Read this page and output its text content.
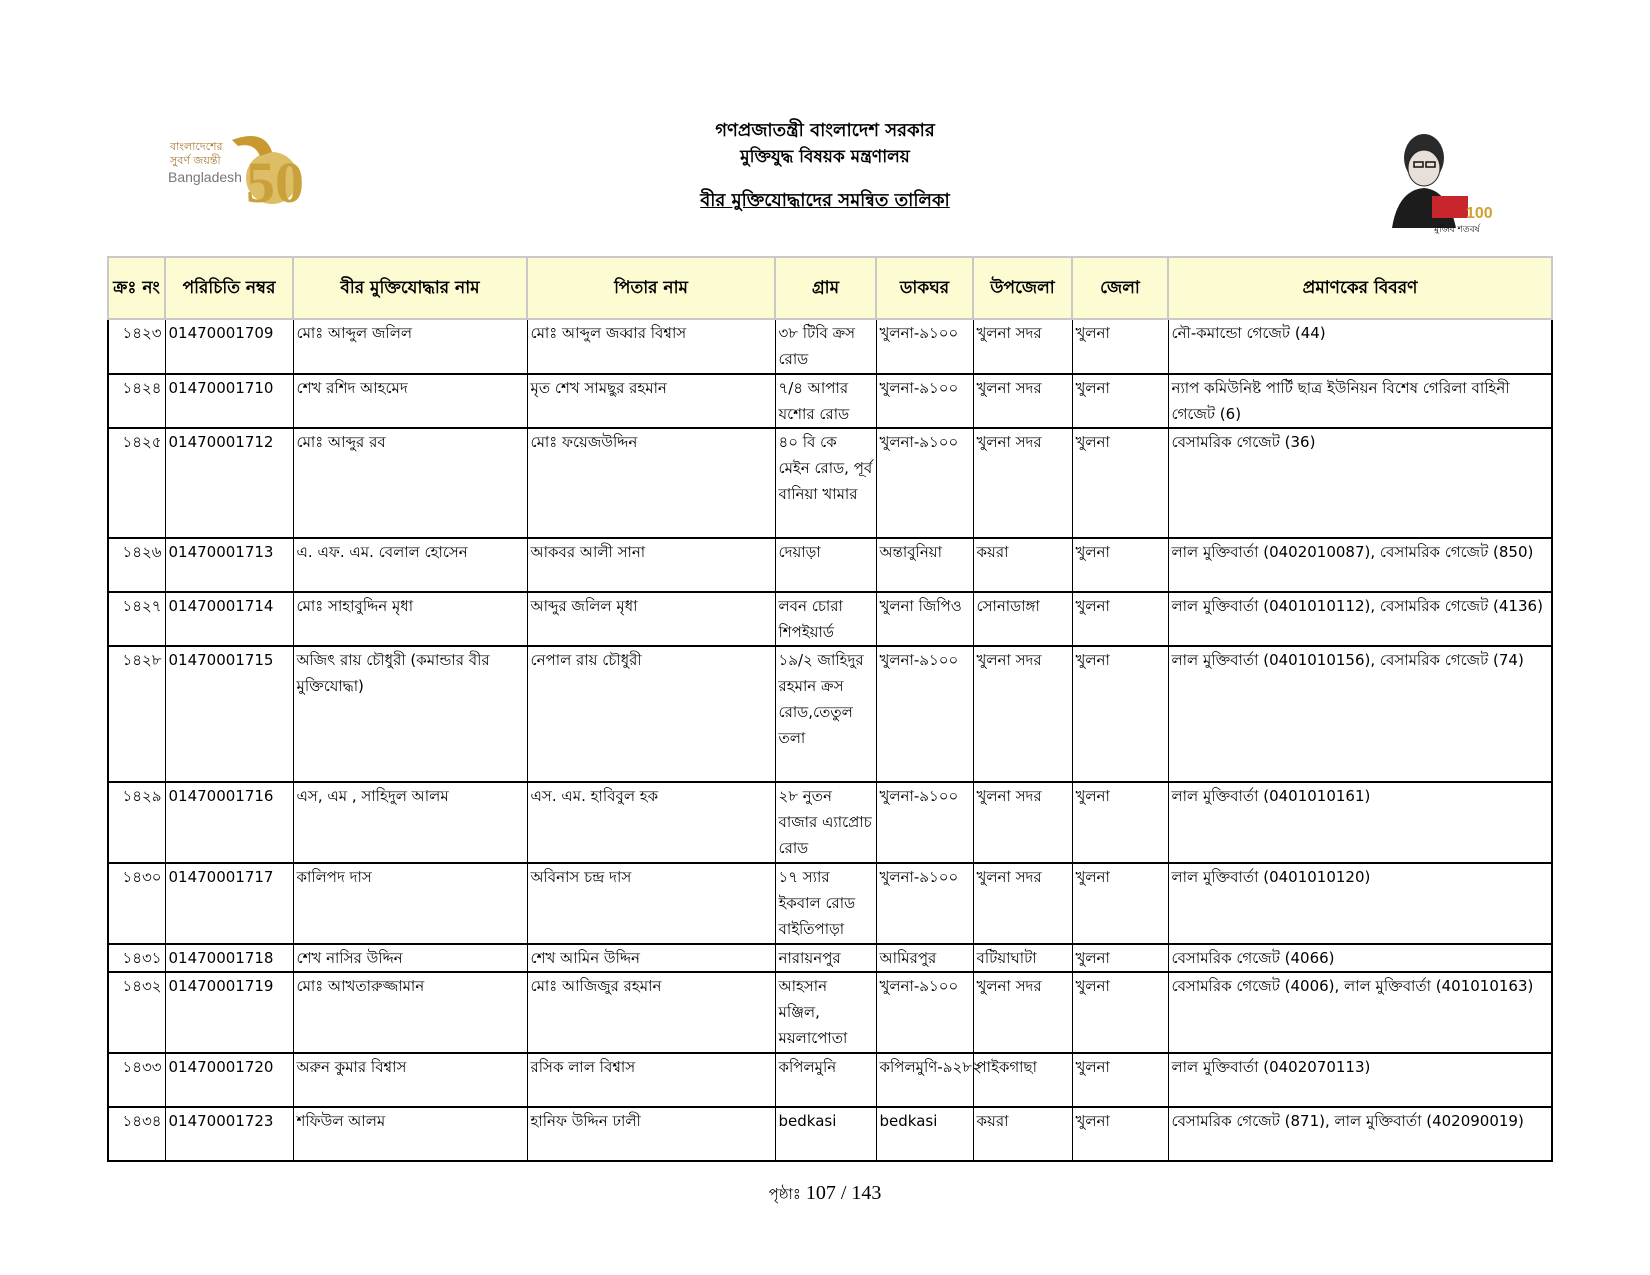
50
বাংলাদেশের
সুবর্ণ জয়ন্তী
Bangladesh
মুজিব শতবর্ষ
100
গণপ্রজাতন্ত্রী বাংলাদেশ সরকার
মুক্তিযুদ্ধ বিষয়ক মন্ত্রণালয়
বীর মুক্তিযোদ্ধাদের সমন্বিত তালিকা
ক্রঃ নং	পরিচিতি নম্বর	বীর মুক্তিযোদ্ধার নাম	পিতার নাম	গ্রাম	ডাকঘর	উপজেলা	জেলা	প্রমাণকের বিবরণ
১৪২৩	01470001709	মোঃ আব্দুল জলিল	মোঃ আব্দুল জব্বার বিশ্বাস	৩৮ টিবি ক্রস রোড	খুলনা-৯১০০	খুলনা সদর	খুলনা	নৌ-কমান্ডো গেজেট (44)
১৪২৪	01470001710	শেখ রশিদ আহমেদ	মৃত শেখ সামছুর রহমান	৭/৪ আপার যশোর রোড	খুলনা-৯১০০	খুলনা সদর	খুলনা	ন্যাপ কমিউনিষ্ট পার্টি ছাত্র ইউনিয়ন বিশেষ গেরিলা বাহিনী গেজেট (6)
১৪২৫	01470001712	মোঃ আব্দুর রব	মোঃ ফয়েজউদ্দিন	৪০ বি কে মেইন রোড, পূর্ব বানিয়া খামার	খুলনা-৯১০০	খুলনা সদর	খুলনা	বেসামরিক গেজেট (36)
১৪২৬	01470001713	এ. এফ. এম. বেলাল হোসেন	আকবর আলী সানা	দেয়াড়া	অন্তাবুনিয়া	কয়রা	খুলনা	লাল মুক্তিবার্তা (0402010087), বেসামরিক গেজেট (850)
১৪২৭	01470001714	মোঃ সাহাবুদ্দিন মৃধা	আব্দুর জলিল মৃধা	লবন চোরা শিপইয়ার্ড	খুলনা জিপিও	সোনাডাঙ্গা	খুলনা	লাল মুক্তিবার্তা (0401010112), বেসামরিক গেজেট (4136)
১৪২৮	01470001715	অজিৎ রায় চৌধুরী (কমান্ডার বীর মুক্তিযোদ্ধা)	নেপাল রায় চৌধুরী	১৯/২ জাহিদুর রহমান ক্রস রোড,তেতুল তলা	খুলনা-৯১০০	খুলনা সদর	খুলনা	লাল মুক্তিবার্তা (0401010156), বেসামরিক গেজেট (74)
১৪২৯	01470001716	এস, এম , সাহিদুল আলম	এস. এম. হাবিবুল হক	২৮ নুতন বাজার এ্যাপ্রোচ রোড	খুলনা-৯১০০	খুলনা সদর	খুলনা	লাল মুক্তিবার্তা (0401010161)
১৪৩০	01470001717	কালিপদ দাস	অবিনাস চন্দ্র দাস	১৭ স্যার ইকবাল রোড বাইতিপাড়া	খুলনা-৯১০০	খুলনা সদর	খুলনা	লাল মুক্তিবার্তা (0401010120)
১৪৩১	01470001718	শেখ নাসির উদ্দিন	শেখ আমিন উদ্দিন	নারায়নপুর	আমিরপুর	বটিয়াঘাটা	খুলনা	বেসামরিক গেজেট (4066)
১৪৩২	01470001719	মোঃ আখতারুজ্জামান	মোঃ আজিজুর রহমান	আহসান মঞ্জিল, ময়লাপোতা	খুলনা-৯১০০	খুলনা সদর	খুলনা	বেসামরিক গেজেট (4006), লাল মুক্তিবার্তা (401010163)
১৪৩৩	01470001720	অরুন কুমার বিশ্বাস	রসিক লাল বিশ্বাস	কপিলমুনি	কপিলমুণি-৯২৮২	পাইকগাছা	খুলনা	লাল মুক্তিবার্তা (0402070113)
১৪৩৪	01470001723	শফিউল আলম	হানিফ উদ্দিন ঢালী	bedkasi	bedkasi	কয়রা	খুলনা	বেসামরিক গেজেট (871), লাল মুক্তিবার্তা (402090019)
পৃষ্ঠাঃ 107 / 143
